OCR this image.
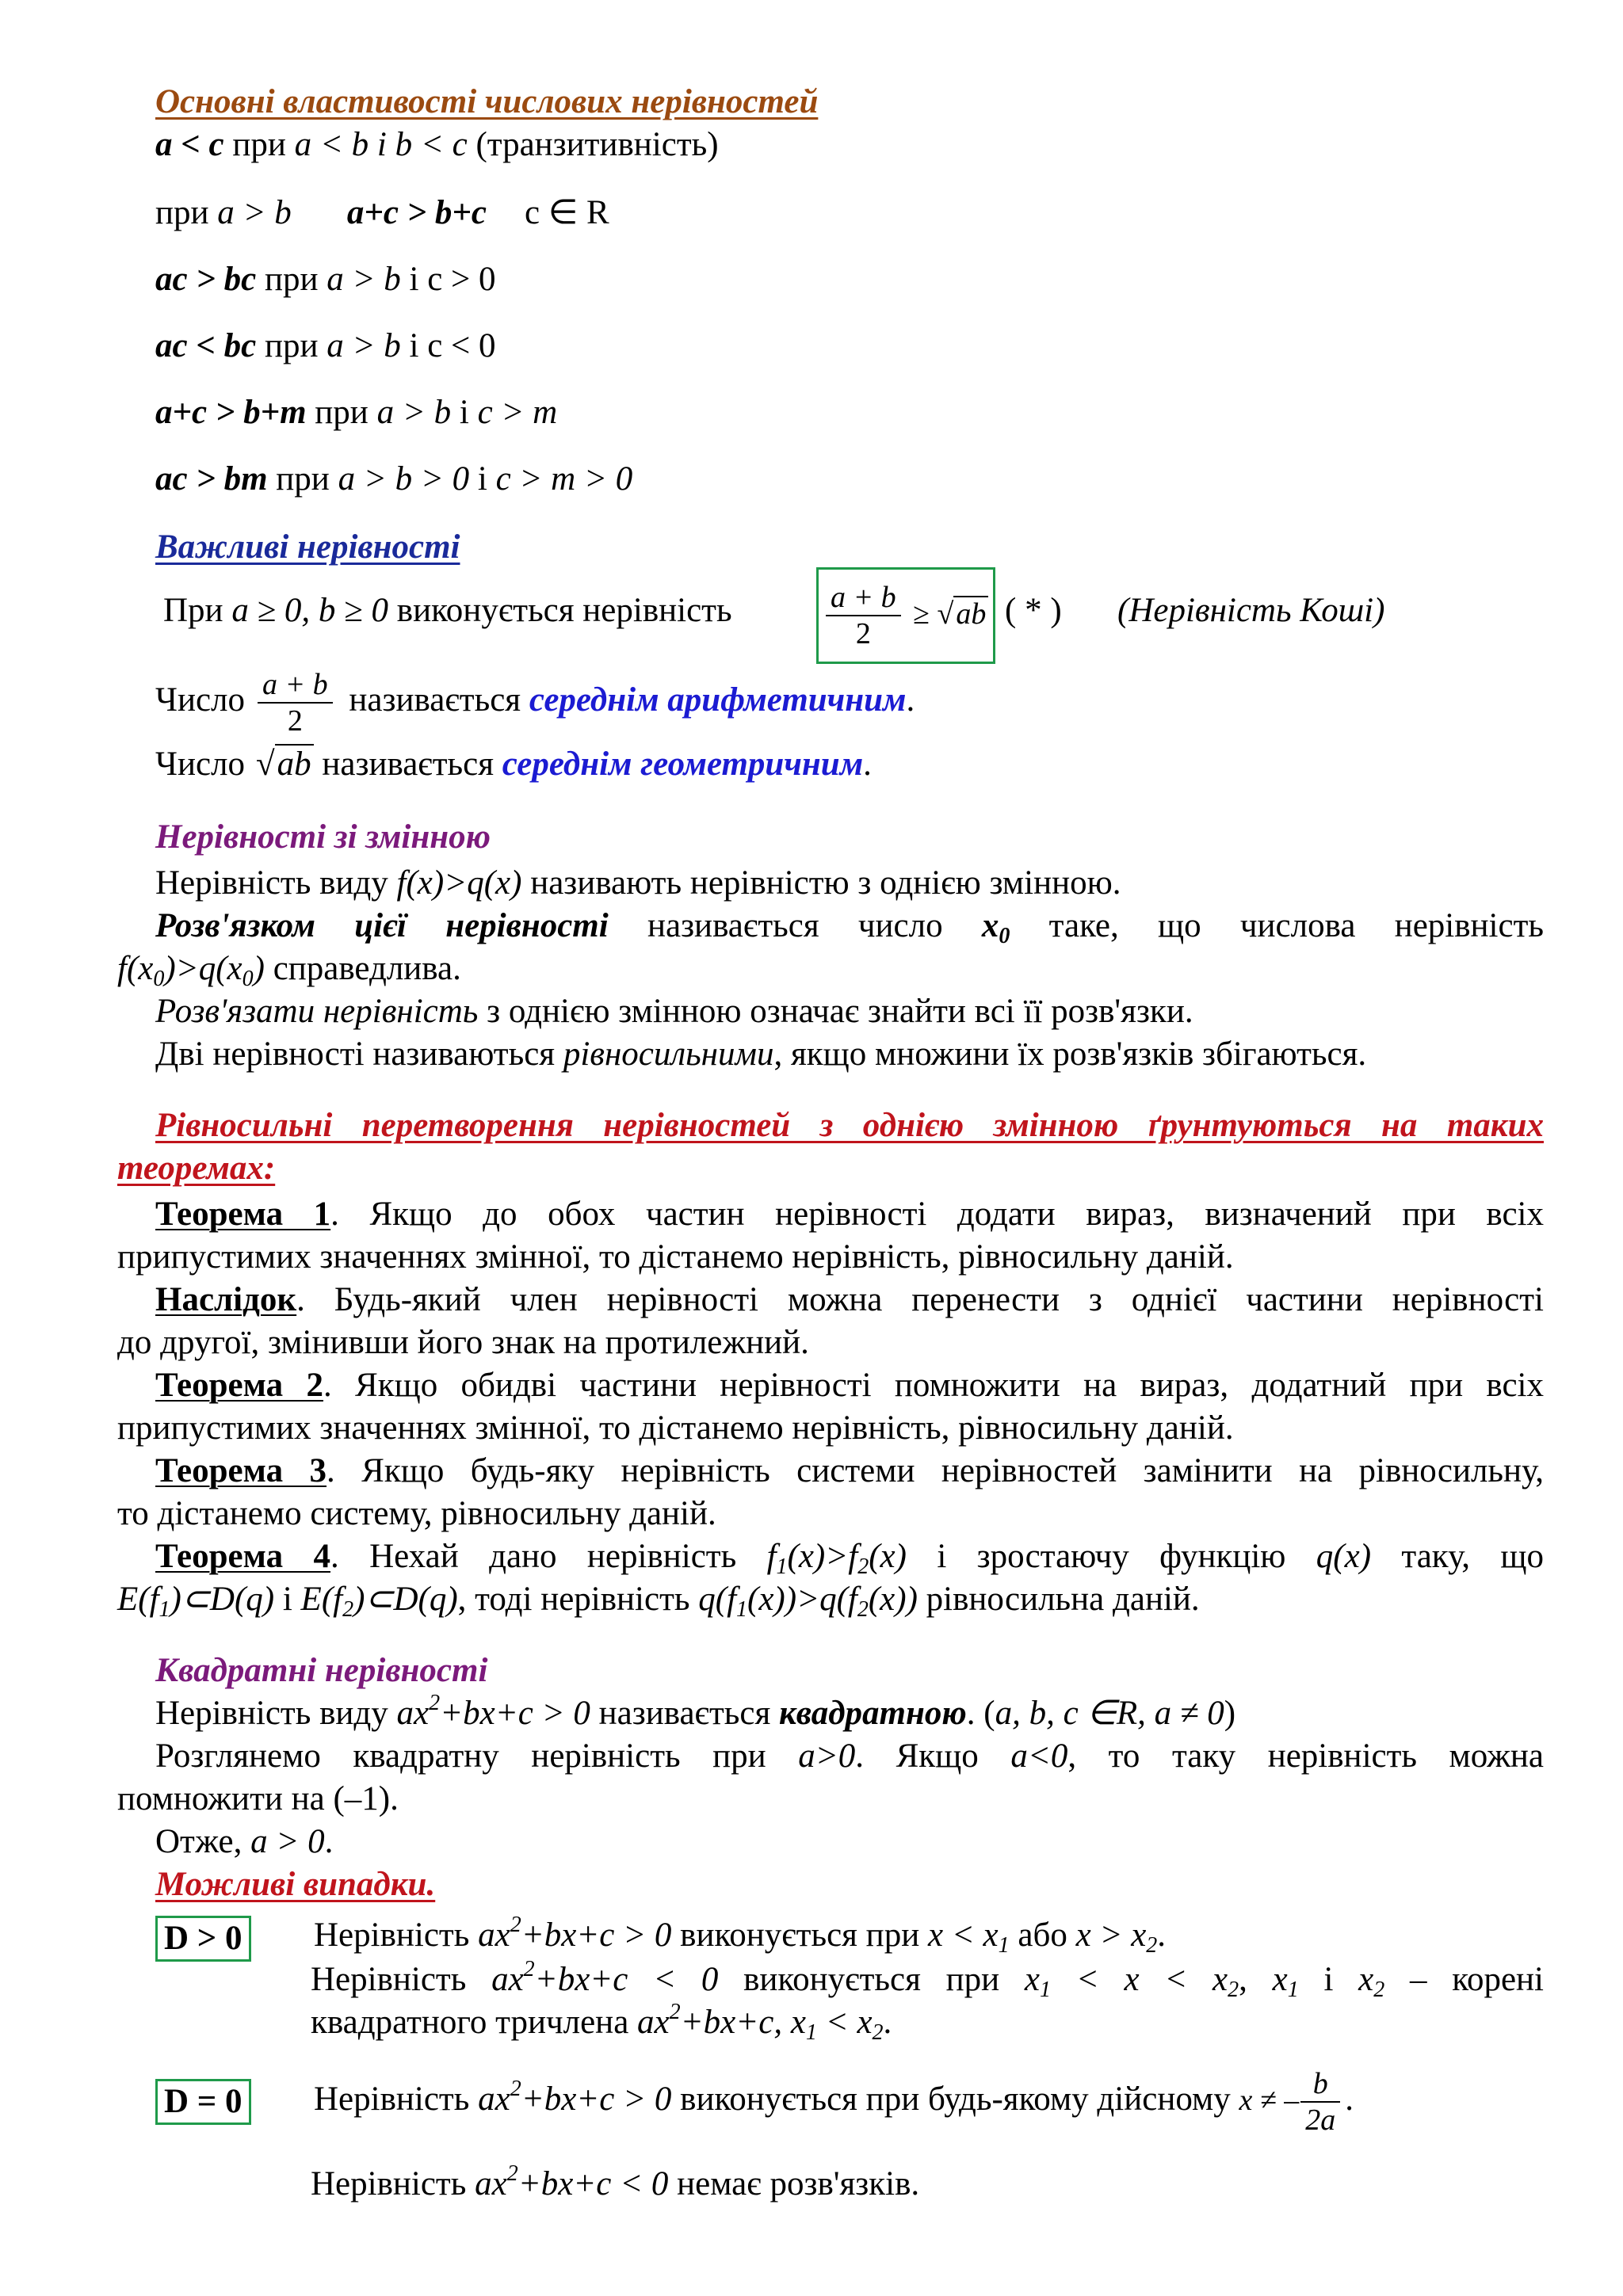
Основні властивості числових нерівностей
a < c при a < b і b < c (транзитивність)
при a > b a+c > b+c c ∈ R
ac > bc при a > b і c > 0
ac < bc при a > b і c < 0
a+c > b+m при a > b і c > m
ac > bm при a > b > 0 і c > m > 0
Важливі нерівності
При a ≥ 0, b ≥ 0 виконується нерівність	$\frac{a + b}{2} \ge √ab$ ( * ) (Нерівність Коші)
Число $\frac{a + b}{2}$ називається середнім арифметичним.
Число √ab називається середнім геометричним.
Нерівності зі змінною
Нерівність виду f(x)>q(x) називають нерівністю з однією змінною.
Розв'язком цієї нерівності називається число $x_0$ таке, що числова нерівність
$f(x_0)>q(x_0)$ справедлива.
Розв'язати нерівність з однією змінною означає знайти всі її розв'язки.
Дві нерівності називаються рівносильними, якщо множини їх розв'язків збігаються.
Рівносильні перетворення нерівностей з однією змінною ґрунтуються на таких
теоремах:
Теорема 1. Якщо до обох частин нерівності додати вираз, визначений при всіх
припустимих значеннях змінної, то дістанемо нерівність, рівносильну даній.
Наслідок. Будь-який член нерівності можна перенести з однієї частини нерівності
до другої, змінивши його знак на протилежний.
Теорема 2. Якщо обидві частини нерівності помножити на вираз, додатний при всіх
припустимих значеннях змінної, то дістанемо нерівність, рівносильну даній.
Теорема 3. Якщо будь-яку нерівність системи нерівностей замінити на рівносильну,
то дістанемо систему, рівносильну даній.
Теорема 4. Нехай дано нерівність $f_1(x)>f_2(x)$ і зростаючу функцію q(x) таку, що
$E(f_1)\subset D(q)$ і $E(f_2)\subset D(q)$, тоді нерівність $q(f_1(x))>q(f_2(x))$ рівносильна даній.
Квадратні нерівності
Нерівність виду $ax^2+bx+c > 0$ називається квадратною. (a, b, c ∈R, a ≠ 0)
Розглянемо квадратну нерівність при a>0. Якщо a<0, то таку нерівність можна
помножити на (–1).
Отже, a > 0.
Можливі випадки.
D > 0 Нерівність $ax^2+bx+c > 0$ виконується при $x < x_1$ або $x > x_2$.
Нерівність $ax^2+bx+c < 0$ виконується при $x_1 < x < x_2$, $x_1$ і $x_2$ – корені
квадратного тричлена $ax^2+bx+c$, $x_1 < x_2$.
D = 0 Нерівність $ax^2+bx+c > 0$ виконується при будь-якому дійсному x ≠ – $\frac{b}{2a}$ .
Нерівність $ax^2+bx+c < 0$ немає розв'язків.
